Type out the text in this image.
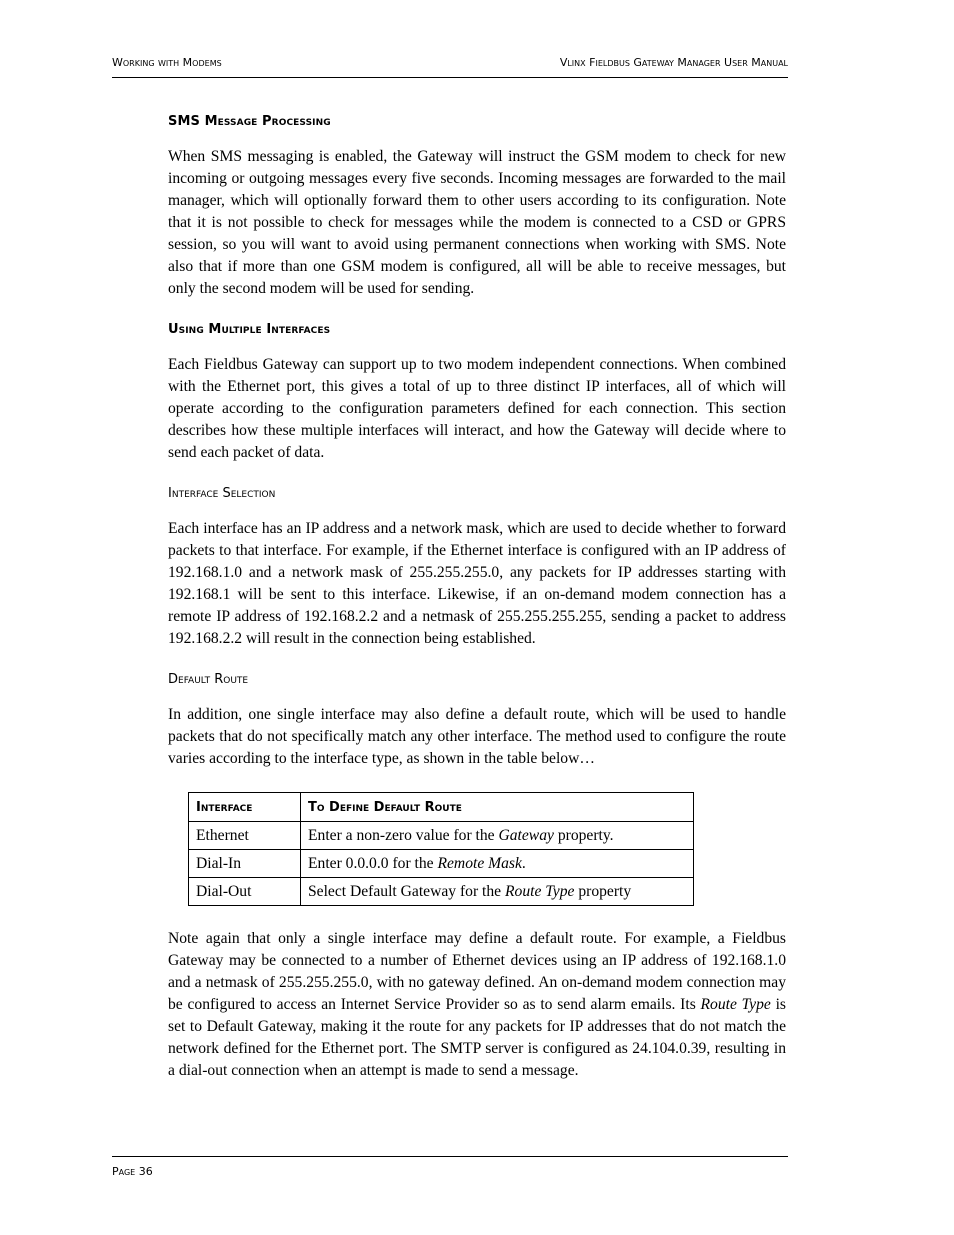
Working with Modems	Vlinx Fieldbus Gateway Manager User Manual
SMS Message Processing

When SMS messaging is enabled, the Gateway will instruct the GSM modem to check for new incoming or outgoing messages every five seconds. Incoming messages are forwarded to the mail manager, which will optionally forward them to other users according to its configuration. Note that it is not possible to check for messages while the modem is connected to a CSD or GPRS session, so you will want to avoid using permanent connections when working with SMS. Note also that if more than one GSM modem is configured, all will be able to receive messages, but only the second modem will be used for sending.

Using Multiple Interfaces

Each Fieldbus Gateway can support up to two modem independent connections. When combined with the Ethernet port, this gives a total of up to three distinct IP interfaces, all of which will operate according to the configuration parameters defined for each connection. This section describes how these multiple interfaces will interact, and how the Gateway will decide where to send each packet of data.

Interface Selection

Each interface has an IP address and a network mask, which are used to decide whether to forward packets to that interface. For example, if the Ethernet interface is configured with an IP address of 192.168.1.0 and a network mask of 255.255.255.0, any packets for IP addresses starting with 192.168.1 will be sent to this interface. Likewise, if an on-demand modem connection has a remote IP address of 192.168.2.2 and a netmask of 255.255.255.255, sending a packet to address 192.168.2.2 will result in the connection being established.

Default Route

In addition, one single interface may also define a default route, which will be used to handle packets that do not specifically match any other interface. The method used to configure the route varies according to the interface type, as shown in the table below…

Interface	To Define Default Route
Ethernet	Enter a non-zero value for the Gateway property.
Dial-In	Enter 0.0.0.0 for the Remote Mask.
Dial-Out	Select Default Gateway for the Route Type property

Note again that only a single interface may define a default route. For example, a Fieldbus Gateway may be connected to a number of Ethernet devices using an IP address of 192.168.1.0 and a netmask of 255.255.255.0, with no gateway defined. An on-demand modem connection may be configured to access an Internet Service Provider so as to send alarm emails. Its Route Type is set to Default Gateway, making it the route for any packets for IP addresses that do not match the network defined for the Ethernet port. The SMTP server is configured as 24.104.0.39, resulting in a dial-out connection when an attempt is made to send a message.

Page 36
